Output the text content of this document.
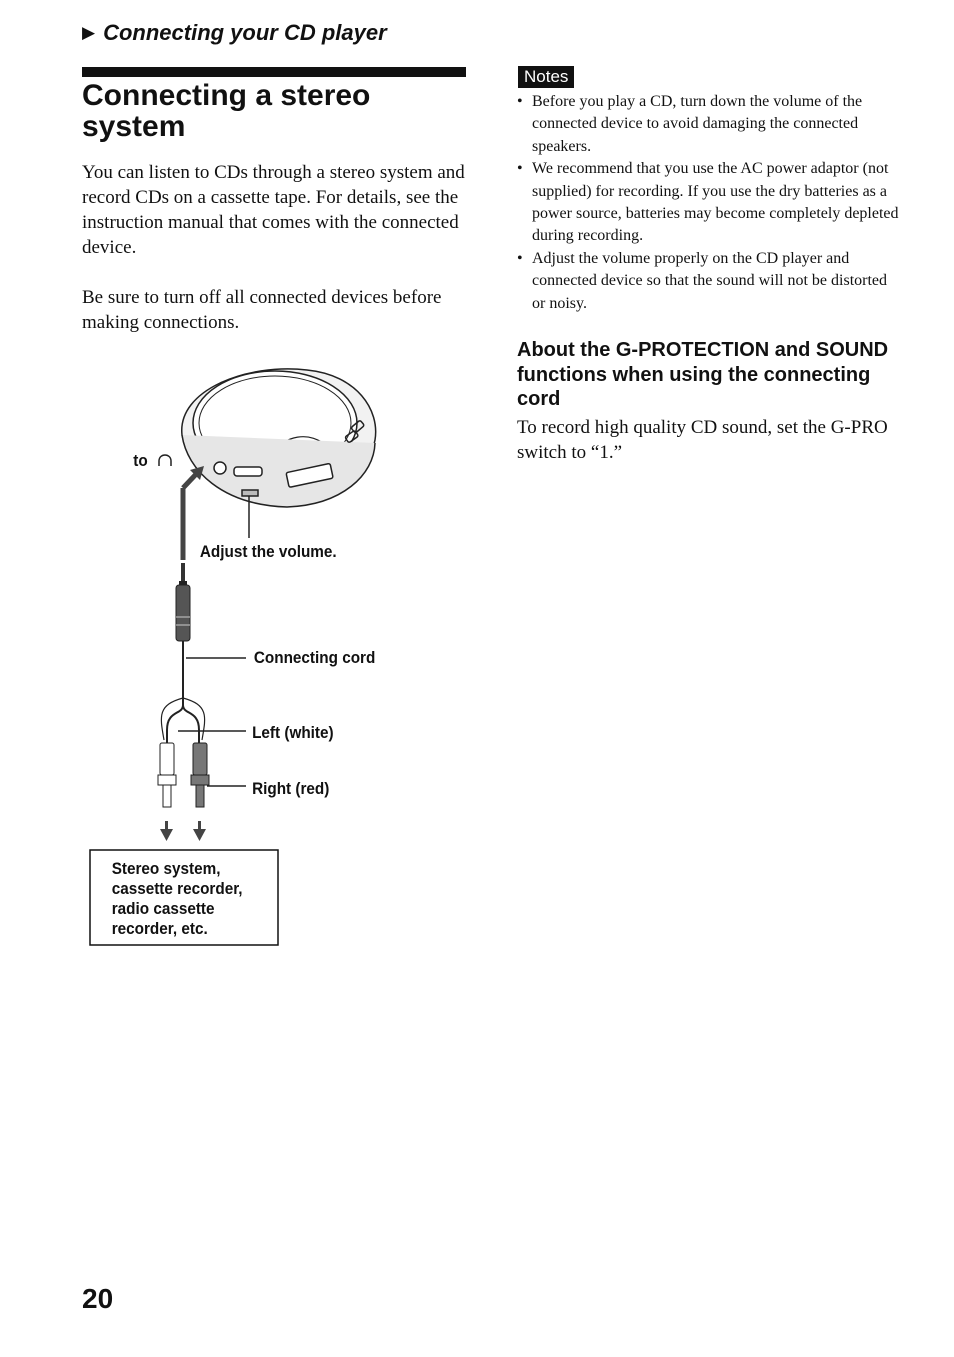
▶ Connecting your CD player
Connecting a stereo system

You can listen to CDs through a stereo system and record CDs on a cassette tape. For details, see the instruction manual that comes with the connected device.

Be sure to turn off all connected devices before making connections.

to
Adjust the volume.
Connecting cord
Left (white)
Right (red)
Stereo system,
cassette recorder,
radio cassette
recorder, etc.
Notes
• Before you play a CD, turn down the volume of the connected device to avoid damaging the connected speakers.
• We recommend that you use the AC power adaptor (not supplied) for recording. If you use the dry batteries as a power source, batteries may become completely depleted during recording.
• Adjust the volume properly on the CD player and connected device so that the sound will not be distorted or noisy.
About the G-PROTECTION and SOUND functions when using the connecting cord

To record high quality CD sound, set the G-PRO switch to “1.”

20
